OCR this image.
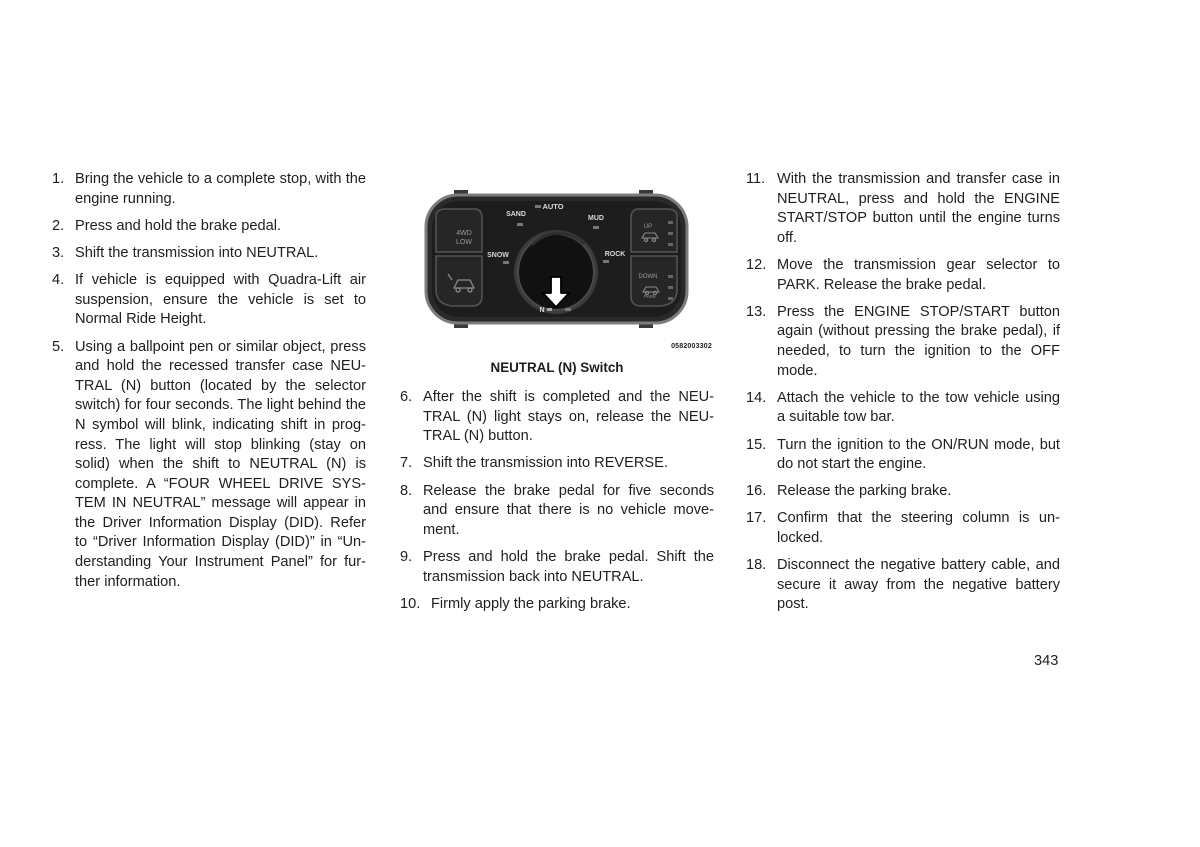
1. Bring the vehicle to a complete stop, with the engine running.
2. Press and hold the brake pedal.
3. Shift the transmission into NEUTRAL.
4. If vehicle is equipped with Quadra-Lift air suspension, ensure the vehicle is set to Normal Ride Height.
5. Using a ballpoint pen or similar object, press and hold the recessed transfer case NEU-TRAL (N) button (located by the selector switch) for four seconds. The light behind the N symbol will blink, indicating shift in prog-ress. The light will stop blinking (stay on solid) when the shift to NEUTRAL (N) is complete. A “FOUR WHEEL DRIVE SYS-TEM IN NEUTRAL” message will appear in the Driver Information Display (DID). Refer to “Driver Information Display (DID)” in “Un-derstanding Your Instrument Panel” for fur-ther information.
4WD
LOW
UP
DOWN
PARK
AUTO
SAND
MUD
SNOW	ROCK
N
0582003302
NEUTRAL (N) Switch
6. After the shift is completed and the NEU-TRAL (N) light stays on, release the NEU-TRAL (N) button.
7. Shift the transmission into REVERSE.
8. Release the brake pedal for five seconds and ensure that there is no vehicle move-ment.
9. Press and hold the brake pedal. Shift the transmission back into NEUTRAL.
10. Firmly apply the parking brake.
11. With the transmission and transfer case in NEUTRAL, press and hold the ENGINE START/STOP button until the engine turns off.
12. Move the transmission gear selector to PARK. Release the brake pedal.
13. Press the ENGINE STOP/START button again (without pressing the brake pedal), if needed, to turn the ignition to the OFF mode.
14. Attach the vehicle to the tow vehicle using a suitable tow bar.
15. Turn the ignition to the ON/RUN mode, but do not start the engine.
16. Release the parking brake.
17. Confirm that the steering column is un-locked.
18. Disconnect the negative battery cable, and secure it away from the negative battery post.
343
